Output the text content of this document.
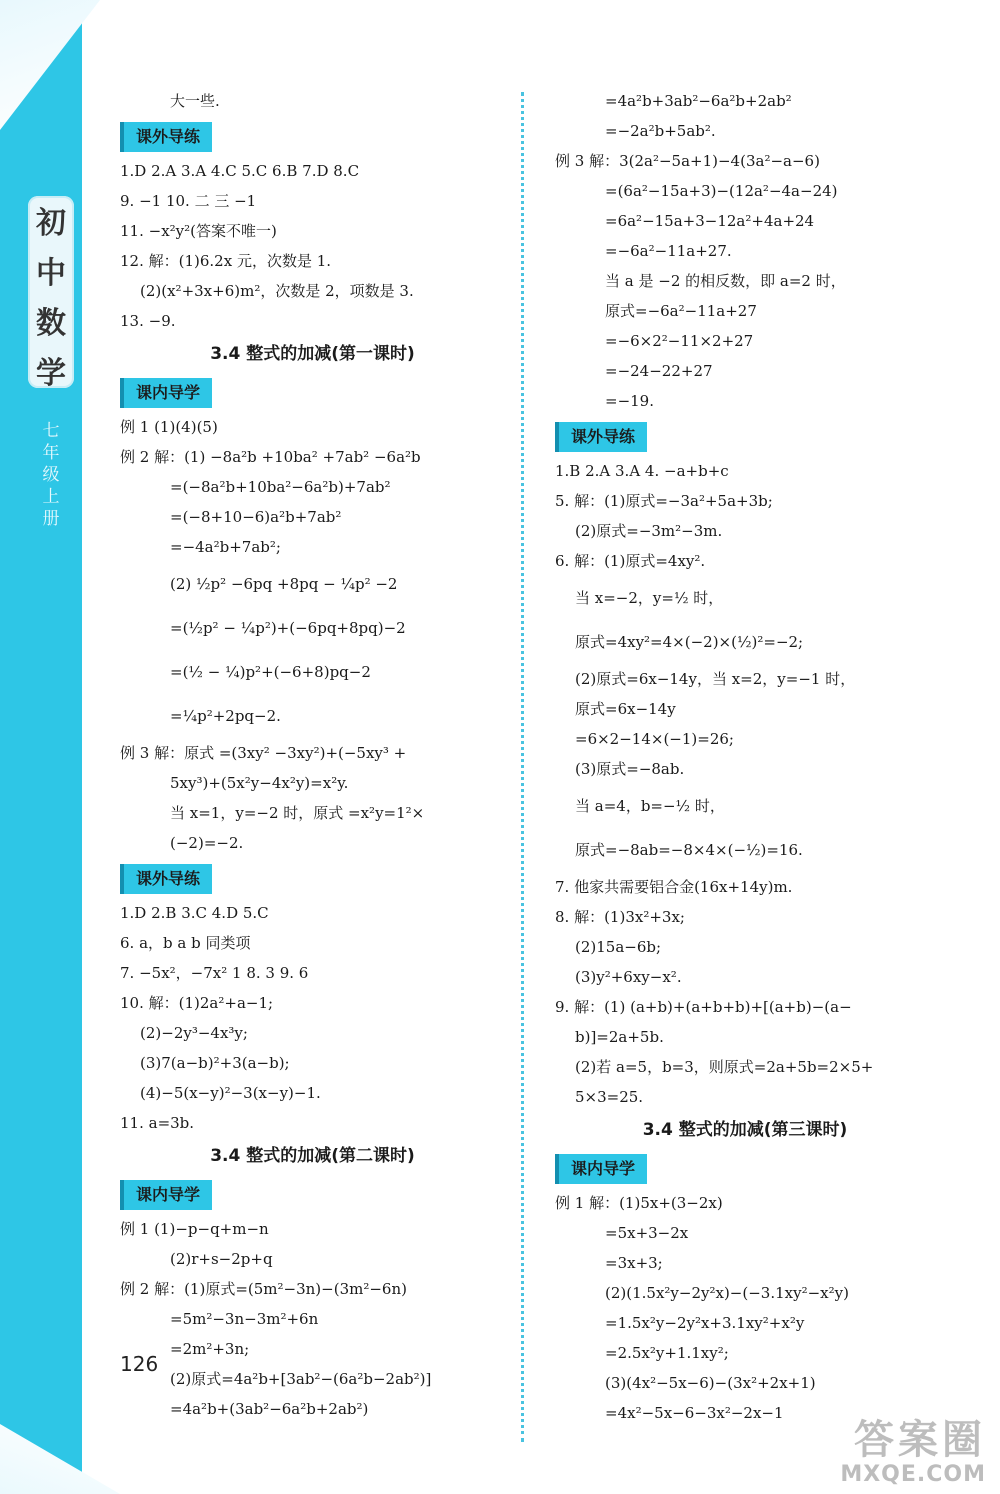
初
中
数
学
七
年
级
上
册
126
大一些.
课外导练
1.D 2.A 3.A 4.C 5.C 6.B 7.D 8.C
9. −1 10. 二 三 −1
11. −x²y²(答案不唯一)
12. 解：(1)6.2x 元，次数是 1.
(2)(x²+3x+6)m²，次数是 2，项数是 3.
13. −9.
3.4 整式的加减(第一课时)
课内导学
例 1 (1)(4)(5)
例 2 解：(1) −8a²b +10ba² +7ab² −6a²b
=(−8a²b+10ba²−6a²b)+7ab²
=(−8+10−6)a²b+7ab²
=−4a²b+7ab²;
(2) ½p² −6pq +8pq − ¼p² −2
=(½p² − ¼p²)+(−6pq+8pq)−2
=(½ − ¼)p²+(−6+8)pq−2
=¼p²+2pq−2.
例 3 解：原式 =(3xy² −3xy²)+(−5xy³ +
5xy³)+(5x²y−4x²y)=x²y.
当 x=1，y=−2 时，原式 =x²y=1²×
(−2)=−2.
课外导练
1.D 2.B 3.C 4.D 5.C
6. a，b a b 同类项
7. −5x²，−7x² 1 8. 3 9. 6
10. 解：(1)2a²+a−1;
(2)−2y³−4x³y;
(3)7(a−b)²+3(a−b);
(4)−5(x−y)²−3(x−y)−1.
11. a=3b.
3.4 整式的加减(第二课时)
课内导学
例 1 (1)−p−q+m−n
(2)r+s−2p+q
例 2 解：(1)原式=(5m²−3n)−(3m²−6n)
=5m²−3n−3m²+6n
=2m²+3n;
(2)原式=4a²b+[3ab²−(6a²b−2ab²)]
=4a²b+(3ab²−6a²b+2ab²)
=4a²b+3ab²−6a²b+2ab²
=−2a²b+5ab².
例 3 解：3(2a²−5a+1)−4(3a²−a−6)
=(6a²−15a+3)−(12a²−4a−24)
=6a²−15a+3−12a²+4a+24
=−6a²−11a+27.
当 a 是 −2 的相反数，即 a=2 时，
原式=−6a²−11a+27
=−6×2²−11×2+27
=−24−22+27
=−19.
课外导练
1.B 2.A 3.A 4. −a+b+c
5. 解：(1)原式=−3a²+5a+3b;
(2)原式=−3m²−3m.
6. 解：(1)原式=4xy².
当 x=−2，y=½ 时，
原式=4xy²=4×(−2)×(½)²=−2;
(2)原式=6x−14y，当 x=2，y=−1 时，
原式=6x−14y
=6×2−14×(−1)=26;
(3)原式=−8ab.
当 a=4，b=−½ 时，
原式=−8ab=−8×4×(−½)=16.
7. 他家共需要铝合金(16x+14y)m.
8. 解：(1)3x²+3x;
(2)15a−6b;
(3)y²+6xy−x².
9. 解：(1) (a+b)+(a+b+b)+[(a+b)−(a−
b)]=2a+5b.
(2)若 a=5，b=3，则原式=2a+5b=2×5+
5×3=25.
3.4 整式的加减(第三课时)
课内导学
例 1 解：(1)5x+(3−2x)
=5x+3−2x
=3x+3;
(2)(1.5x²y−2y²x)−(−3.1xy²−x²y)
=1.5x²y−2y²x+3.1xy²+x²y
=2.5x²y+1.1xy²;
(3)(4x²−5x−6)−(3x²+2x+1)
=4x²−5x−6−3x²−2x−1
答案圈
MXQE.COM
